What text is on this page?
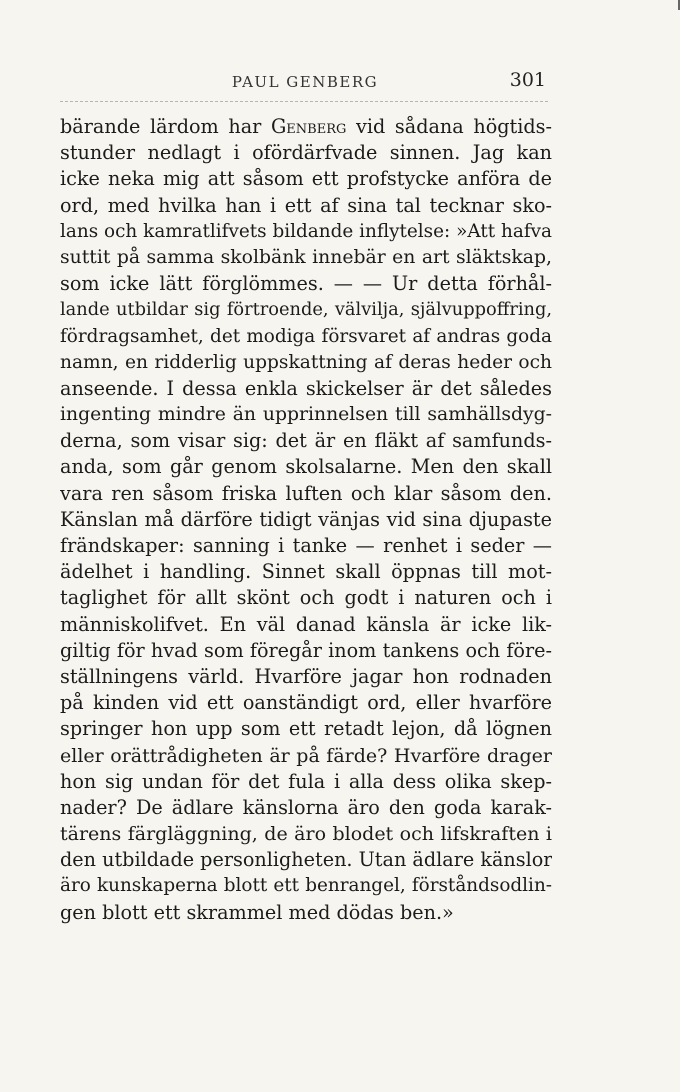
PAUL GENBERG	301
bärande lärdom har Genberg vid sådana högtids-
stunder nedlagt i ofördärfvade sinnen. Jag kan
icke neka mig att såsom ett profstycke anföra de
ord, med hvilka han i ett af sina tal tecknar sko-
lans och kamratlifvets bildande inflytelse: »Att hafva
suttit på samma skolbänk innebär en art släktskap,
som icke lätt förglömmes. — — Ur detta förhål-
lande utbildar sig förtroende, välvilja, självuppoffring,
fördragsamhet, det modiga försvaret af andras goda
namn, en ridderlig uppskattning af deras heder och
anseende. I dessa enkla skickelser är det således
ingenting mindre än upprinnelsen till samhällsdyg-
derna, som visar sig: det är en fläkt af samfunds-
anda, som går genom skolsalarne. Men den skall
vara ren såsom friska luften och klar såsom den.
Känslan må därföre tidigt vänjas vid sina djupaste
frändskaper: sanning i tanke — renhet i seder —
ädelhet i handling. Sinnet skall öppnas till mot-
taglighet för allt skönt och godt i naturen och i
människolifvet. En väl danad känsla är icke lik-
giltig för hvad som föregår inom tankens och före-
ställningens värld. Hvarföre jagar hon rodnaden
på kinden vid ett oanständigt ord, eller hvarföre
springer hon upp som ett retadt lejon, då lögnen
eller orättrådigheten är på färde? Hvarföre drager
hon sig undan för det fula i alla dess olika skep-
nader? De ädlare känslorna äro den goda karak-
tärens färgläggning, de äro blodet och lifskraften i
den utbildade personligheten. Utan ädlare känslor
äro kunskaperna blott ett benrangel, förståndsodlin-
gen blott ett skrammel med dödas ben.»
